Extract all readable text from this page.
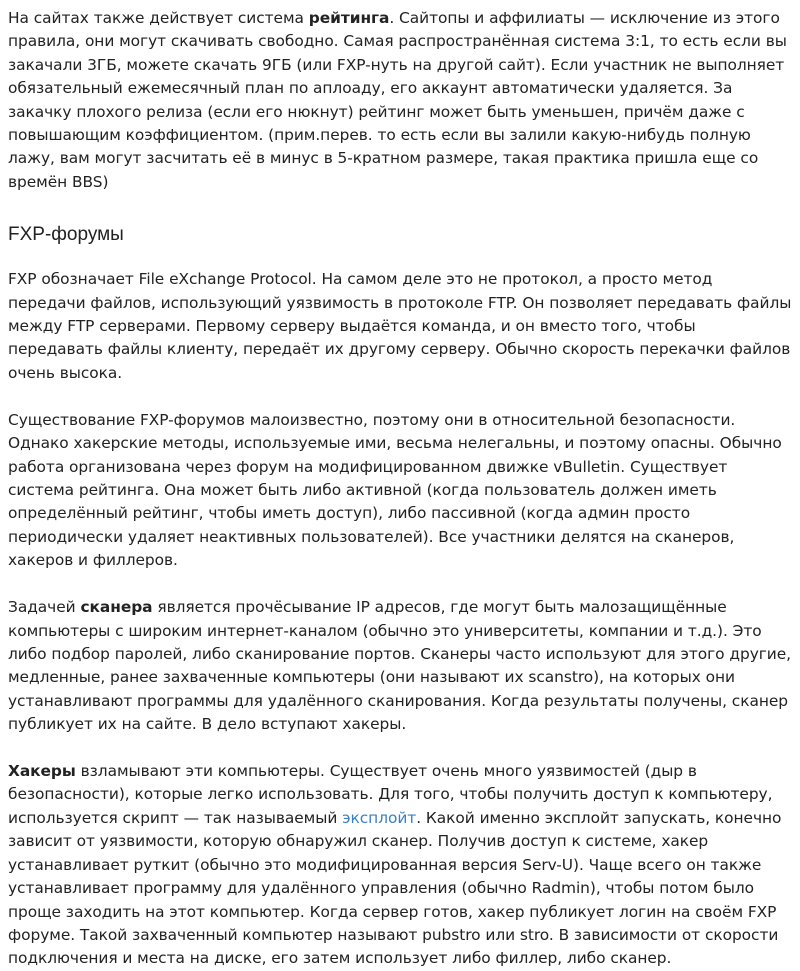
На сайтах также действует система рейтинга. Сайтопы и аффилиаты — исключение из этого правила, они могут скачивать свободно. Самая распространённая система 3:1, то есть если вы закачали 3ГБ, можете скачать 9ГБ (или FXP-нуть на другой сайт). Если участник не выполняет обязательный ежемесячный план по аплоаду, его аккаунт автоматически удаляется. За закачку плохого релиза (если его нюкнут) рейтинг может быть уменьшен, причём даже с повышающим коэффициентом. (прим.перев. то есть если вы залили какую-нибудь полную лажу, вам могут засчитать её в минус в 5-кратном размере, такая практика пришла еще со времён BBS)

FXP-форумы

FXP обозначает File eXchange Protocol. На самом деле это не протокол, а просто метод передачи файлов, использующий уязвимость в протоколе FTP. Он позволяет передавать файлы между FTP серверами. Первому серверу выдаётся команда, и он вместо того, чтобы передавать файлы клиенту, передаёт их другому серверу. Обычно скорость перекачки файлов очень высока.

Существование FXP-форумов малоизвестно, поэтому они в относительной безопасности. Однако хакерские методы, используемые ими, весьма нелегальны, и поэтому опасны. Обычно работа организована через форум на модифицированном движке vBulletin. Существует система рейтинга. Она может быть либо активной (когда пользователь должен иметь определённый рейтинг, чтобы иметь доступ), либо пассивной (когда админ просто периодически удаляет неактивных пользователей). Все участники делятся на сканеров, хакеров и филлеров.

Задачей сканера является прочёсывание IP адресов, где могут быть малозащищённые компьютеры с широким интернет-каналом (обычно это университеты, компании и т.д.). Это либо подбор паролей, либо сканирование портов. Сканеры часто используют для этого другие, медленные, ранее захваченные компьютеры (они называют их scanstro), на которых они устанавливают программы для удалённого сканирования. Когда результаты получены, сканер публикует их на сайте. В дело вступают хакеры.

Хакеры взламывают эти компьютеры. Существует очень много уязвимостей (дыр в безопасности), которые легко использовать. Для того, чтобы получить доступ к компьютеру, используется скрипт — так называемый эксплойт. Какой именно эксплойт запускать, конечно зависит от уязвимости, которую обнаружил сканер. Получив доступ к системе, хакер устанавливает руткит (обычно это модифицированная версия Serv-U). Чаще всего он также устанавливает программу для удалённого управления (обычно Radmin), чтобы потом было проще заходить на этот компьютер. Когда сервер готов, хакер публикует логин на своём FXP форуме. Такой захваченный компьютер называют pubstro или stro. В зависимости от скорости подключения и места на диске, его затем использует либо филлер, либо сканер.
